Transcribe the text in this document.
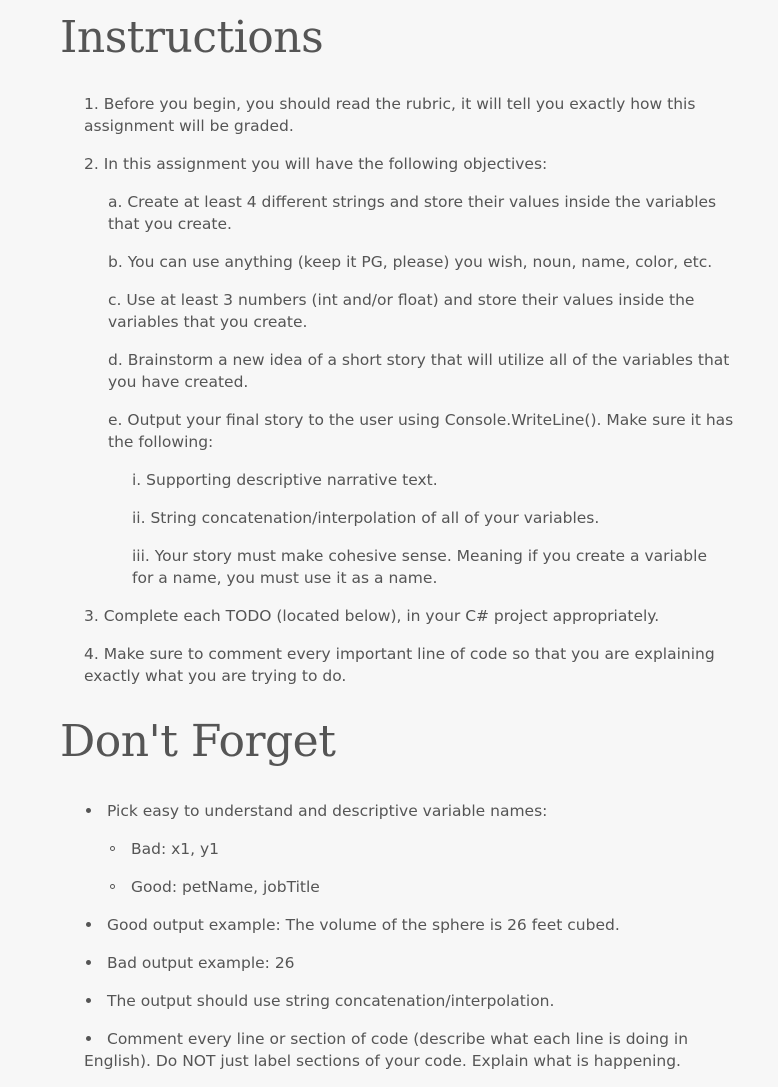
Instructions

1. Before you begin, you should read the rubric, it will tell you exactly how this assignment will be graded.

2. In this assignment you will have the following objectives:

a. Create at least 4 different strings and store their values inside the variables that you create.

b. You can use anything (keep it PG, please) you wish, noun, name, color, etc.

c. Use at least 3 numbers (int and/or float) and store their values inside the variables that you create.

d. Brainstorm a new idea of a short story that will utilize all of the variables that you have created.

e. Output your final story to the user using Console.WriteLine(). Make sure it has the following:

i. Supporting descriptive narrative text.

ii. String concatenation/interpolation of all of your variables.

iii. Your story must make cohesive sense. Meaning if you create a variable for a name, you must use it as a name.

3. Complete each TODO (located below), in your C# project appropriately.

4. Make sure to comment every important line of code so that you are explaining exactly what you are trying to do.

Don't Forget

Pick easy to understand and descriptive variable names:

Bad: x1, y1

Good: petName, jobTitle

Good output example: The volume of the sphere is 26 feet cubed.

Bad output example: 26

The output should use string concatenation/interpolation.

Comment every line or section of code (describe what each line is doing in English). Do NOT just label sections of your code. Explain what is happening.
